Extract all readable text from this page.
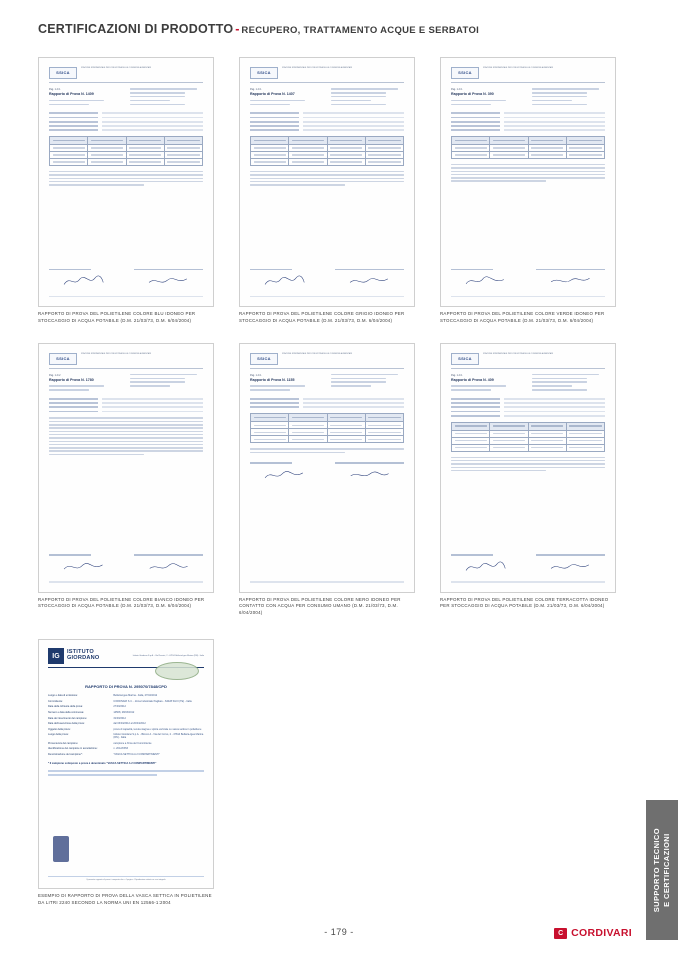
CERTIFICAZIONI DI PRODOTTO - RECUPERO, TRATTAMENTO ACQUE E SERBATOI
SSICA
STAZIONE SPERIMENTALE PER L'INDUSTRIA DELLE CONSERVE ALIMENTARI
Pag. 1 di 1
Rapporto di Prova N. 1409

RAPPORTO DI PROVA DEL POLIETILENE COLORE BLU IDONEO PER STOCCAGGIO DI ACQUA POTABILE (D.M. 21/03/73, D.M. 6/04/2004)
SSICA
STAZIONE SPERIMENTALE PER L'INDUSTRIA DELLE CONSERVE ALIMENTARI
Pag. 1 di 1
Rapporto di Prova N. 1407

RAPPORTO DI PROVA DEL POLIETILENE COLORE GRIGIO IDONEO PER STOCCAGGIO DI ACQUA POTABILE (D.M. 21/03/73, D.M. 6/04/2004)
SSICA
STAZIONE SPERIMENTALE PER L'INDUSTRIA DELLE CONSERVE ALIMENTARI
Pag. 1 di 1
Rapporto di Prova N. 390

RAPPORTO DI PROVA DEL POLIETILENE COLORE VERDE IDONEO PER STOCCAGGIO DI ACQUA POTABILE (D.M. 21/03/73, D.M. 6/04/2004)
SSICA
STAZIONE SPERIMENTALE PER L'INDUSTRIA DELLE CONSERVE ALIMENTARI
Pag. 1 di 2
Rapporto di Prova N. 1780
RAPPORTO DI PROVA DEL POLIETILENE COLORE BIANCO IDONEO PER STOCCAGGIO DI ACQUA POTABILE (D.M. 21/03/73, D.M. 6/04/2004)
SSICA
STAZIONE SPERIMENTALE PER L'INDUSTRIA DELLE CONSERVE ALIMENTARI
Pag. 1 di 1
Rapporto di Prova N. 1155

RAPPORTO DI PROVA DEL POLIETILENE COLORE NERO IDONEO PER CONTATTO CON ACQUA PER CONSUMO UMANO (D.M. 21/03/73, D.M. 6/04/2004)
SSICA
STAZIONE SPERIMENTALE PER L'INDUSTRIA DELLE CONSERVE ALIMENTARI
Pag. 1 di 1
Rapporto di Prova N. 409

RAPPORTO DI PROVA DEL POLIETILENE COLORE TERRACOTTA IDONEO PER STOCCAGGIO DI ACQUA POTABILE (D.M. 21/03/73, D.M. 6/04/2004)
IG
ISTITUTO
GIORDANO	Istituto Giordano S.p.A. - Via Rossini, 2 - 47814 Bellaria-Igea Marina (RN) - Italia
RAPPORTO DI PROVA N. 295070/7848/CPD
Luogo e data di emissione:	Bellaria-Igea Marina - Italia, 27/04/2012
Committente:	CORDIVARI S.r.l. - Zona Industriale Pagliare - 64028 SILVI (TE) - Italia
Data della richiesta della prova:	27/03/2012
Numero e data della commessa:	14568, 28/03/2012
Data del ricevimento del campione:	31/03/2012
Data dell'esecuzione della prova:	dal 03/04/2012 al 20/04/2012
Oggetto della prova:	prova di capacità, tenuta stagna e spinta verticale su vasca settica in polietilene
Luogo della prova:	Istituto Giordano S.p.A. - Blocco A - Via del Corso, 2 - 47814 Bellaria-Igea Marina (RN) - Italia
Provenienza del campione:	campione a firma del Committente
Identificazione del campione in accettazione:	n. 2012/0353
Denominazione del campione*:	"VASCA SETTICA A 2 COMPARTIMENTI"
* Il campione sottoposto a prova è denominato "VASCA SETTICA A 2 COMPARTIMENTI"
Il presente rapporto di prova è composto da n. 4 pagine - Riproduzione vietata se non integrale
ESEMPIO DI RAPPORTO DI PROVA DELLA VASCA SETTICA IN POLIETILENE DA LITRI 2240 SECONDO LA NORMA UNI EN 12566-1:2004	SUPPORTO TECNICO
E CERTIFICAZIONI
- 179 -	C CORDIVARI
